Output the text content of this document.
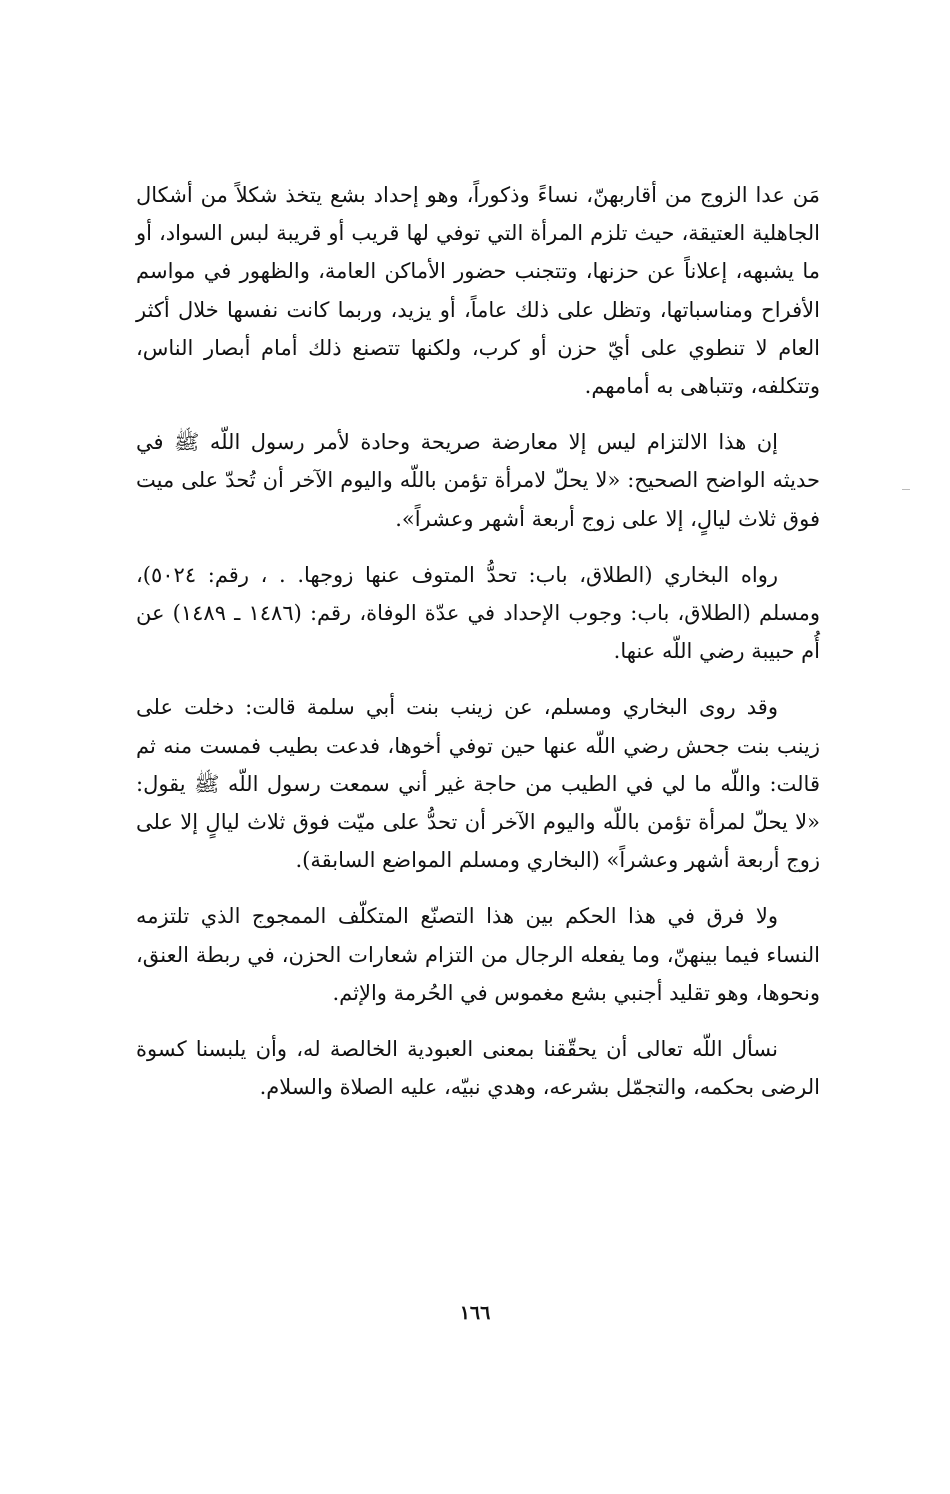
مَن عدا الزوج من أقاربهنّ، نساءً وذكوراً، وهو إحداد بشع يتخذ شكلاً من أشكال الجاهلية العتيقة، حيث تلزم المرأة التي توفي لها قريب أو قريبة لبس السواد، أو ما يشبهه، إعلاناً عن حزنها، وتتجنب حضور الأماكن العامة، والظهور في مواسم الأفراح ومناسباتها، وتظل على ذلك عاماً، أو يزيد، وربما كانت نفسها خلال أكثر العام لا تنطوي على أيّ حزن أو كرب، ولكنها تتصنع ذلك أمام أبصار الناس، وتتكلفه، وتتباهى به أمامهم.

إن هذا الالتزام ليس إلا معارضة صريحة وحادة لأمر رسول اللّه ﷺ في حديثه الواضح الصحيح: «لا يحلّ لامرأة تؤمن باللّه واليوم الآخر أن تُحدّ على ميت فوق ثلاث ليالٍ، إلا على زوج أربعة أشهر وعشراً».

رواه البخاري (الطلاق، باب: تحدُّ المتوف عنها زوجها. . ، رقم: ٥٠٢٤)، ومسلم (الطلاق، باب: وجوب الإحداد في عدّة الوفاة، رقم: (١٤٨٦ ـ ١٤٨٩) عن أُم حبيبة رضي اللّه عنها.

وقد روى البخاري ومسلم، عن زينب بنت أبي سلمة قالت: دخلت على زينب بنت جحش رضي اللّه عنها حين توفي أخوها، فدعت بطيب فمست منه ثم قالت: واللّه ما لي في الطيب من حاجة غير أني سمعت رسول اللّه ﷺ يقول: «لا يحلّ لمرأة تؤمن باللّه واليوم الآخر أن تحدُّ على ميّت فوق ثلاث ليالٍ إلا على زوج أربعة أشهر وعشراً» (البخاري ومسلم المواضع السابقة).

ولا فرق في هذا الحكم بين هذا التصنّع المتكلّف الممجوج الذي تلتزمه النساء فيما بينهنّ، وما يفعله الرجال من التزام شعارات الحزن، في ربطة العنق، ونحوها، وهو تقليد أجنبي بشع مغموس في الحُرمة والإثم.

نسأل اللّه تعالى أن يحقّقنا بمعنى العبودية الخالصة له، وأن يلبسنا كسوة الرضى بحكمه، والتجمّل بشرعه، وهدي نبيّه، عليه الصلاة والسلام.

١٦٦
